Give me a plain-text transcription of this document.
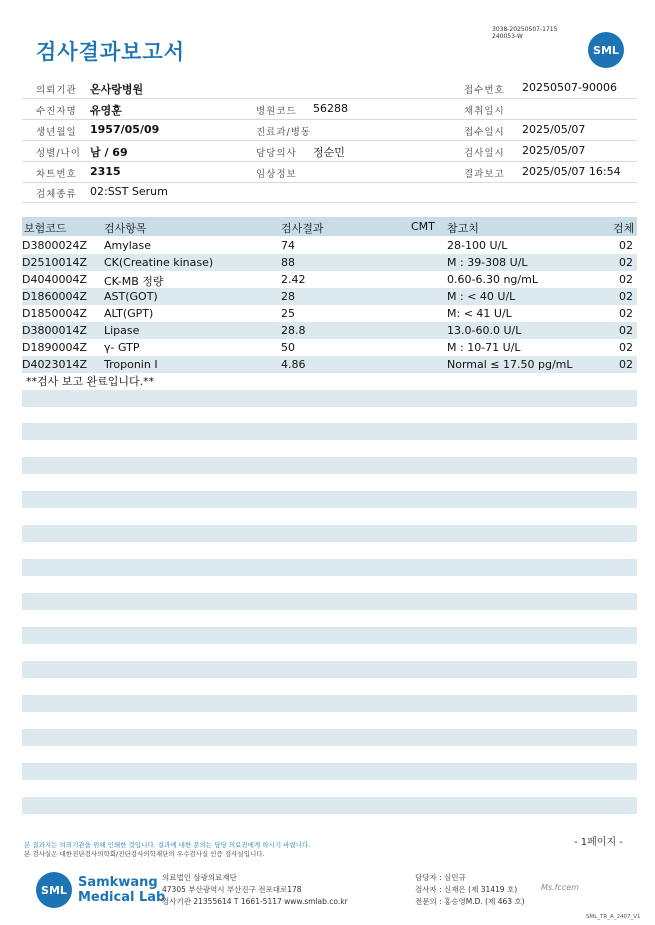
검사결과보고서
3038-20250507-1715
240053-W
SML
의뢰기관 온사랑병원	접수번호 20250507-90006
수진자명 유영훈	병원코드 56288	채취일시
생년월일 1957/05/09	진료과/병동	접수일시 2025/05/07
성별/나이 남 / 69	담당의사 정순민	검사일시 2025/05/07
차트번호 2315	임상정보	결과보고 2025/05/07 16:54
검체종류 02:SST Serum
보험코드	검사항목	검사결과	CMT 참고치	검체
D3800024Z Amylase	74	28-100 U/L	02
D2510014Z CK(Creatine kinase)	88	M : 39-308 U/L	02
D4040004Z CK-MB 정량	2.42	0.60-6.30 ng/mL	02
D1860004Z AST(GOT)	28	M : < 40 U/L	02
D1850004Z ALT(GPT)	25	M: < 41 U/L	02
D3800014Z Lipase	28.8	13.0-60.0 U/L	02
D1890004Z γ- GTP	50	M : 10-71 U/L	02
D4023014Z Troponin I	4.86	Normal ≤ 17.50 pg/mL	02
**검사 보고 완료입니다.**
- 1페이지 -
본 결과지는 의뢰기관을 위해 인쇄한 것입니다. 결과에 대한 문의는 담당 의료진에게 하시기 바랍니다.
본 검사실은 대한진단검사의학회/진단검사의학재단의 우수검사실 인증 검사실입니다.
SML Samkwang
Medical Lab
의료법인 삼광의료재단
47305 부산광역시 부산진구 전포대로178
검사기관 21355614 T 1661-5117 www.smlab.co.kr
담당자 : 심민규
검사자 : 신재은 (제 31419 호)
전문의 : 홍승영M.D. (제 463 호)
Ms.fccem
SML_TR_A_2407_V1
